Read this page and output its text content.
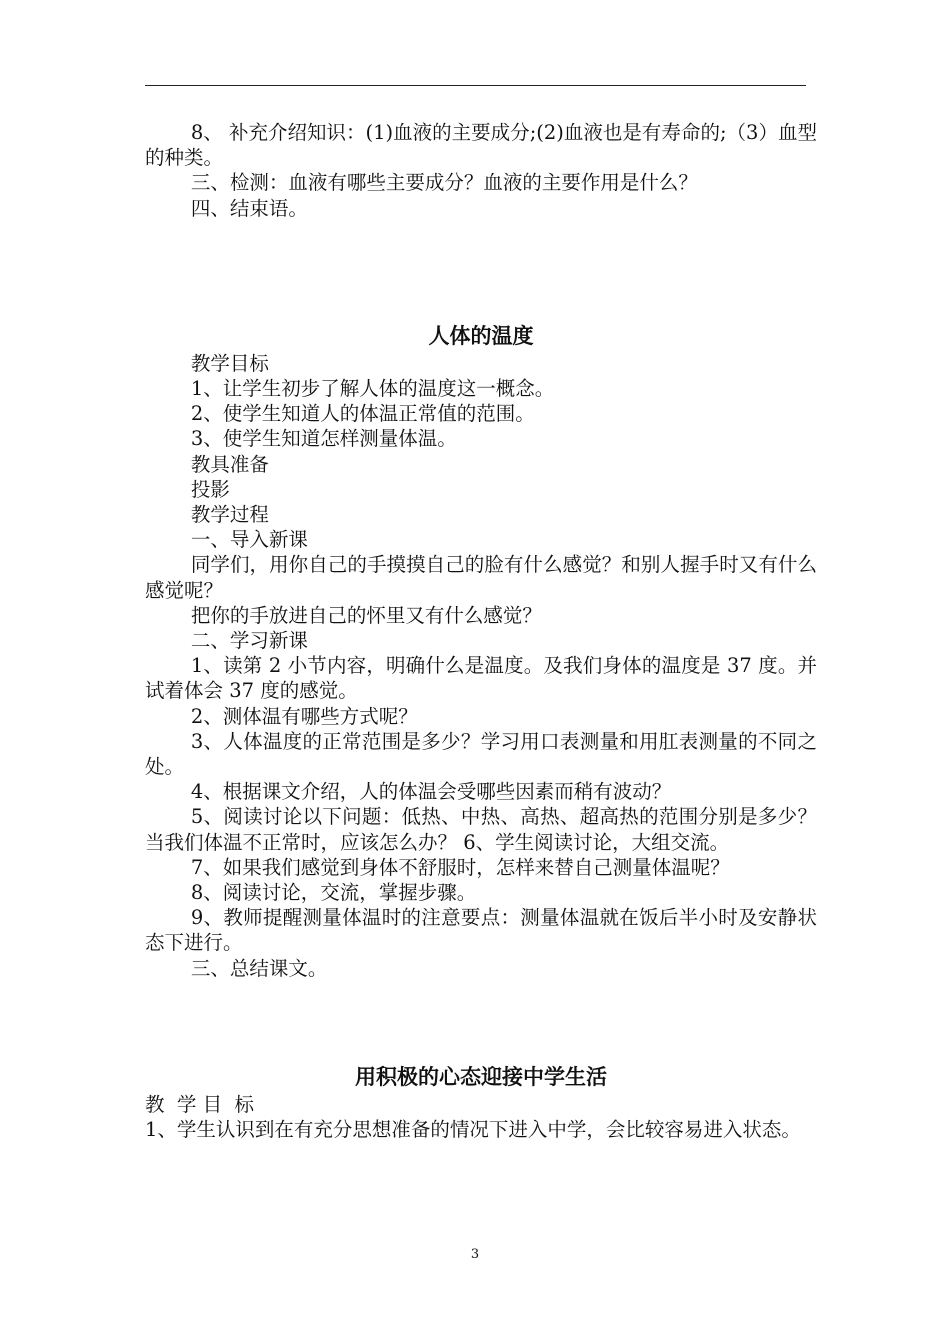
8、 补充介绍知识：(1)血液的主要成分;(2)血液也是有寿命的;（3）血型的种类。

三、检测：血液有哪些主要成分？血液的主要作用是什么？

四、结束语。

人体的温度

教学目标

1、让学生初步了解人体的温度这一概念。

2、使学生知道人的体温正常值的范围。

3、使学生知道怎样测量体温。

教具准备

投影

教学过程

一、导入新课

同学们，用你自己的手摸摸自己的脸有什么感觉？和别人握手时又有什么感觉呢？

把你的手放进自己的怀里又有什么感觉？

二、学习新课

1、读第 2 小节内容，明确什么是温度。及我们身体的温度是 37 度。并试着体会 37 度的感觉。

2、测体温有哪些方式呢？

3、人体温度的正常范围是多少？学习用口表测量和用肛表测量的不同之处。

4、根据课文介绍，人的体温会受哪些因素而稍有波动？

5、阅读讨论以下问题：低热、中热、高热、超高热的范围分别是多少？当我们体温不正常时，应该怎么办？ 6、学生阅读讨论，大组交流。

7、如果我们感觉到身体不舒服时，怎样来替自己测量体温呢？

8、阅读讨论，交流，掌握步骤。

9、教师提醒测量体温时的注意要点：测量体温就在饭后半小时及安静状态下进行。

三、总结课文。

用积极的心态迎接中学生活

教  学 目  标

1、学生认识到在有充分思想准备的情况下进入中学，会比较容易进入状态。

3
